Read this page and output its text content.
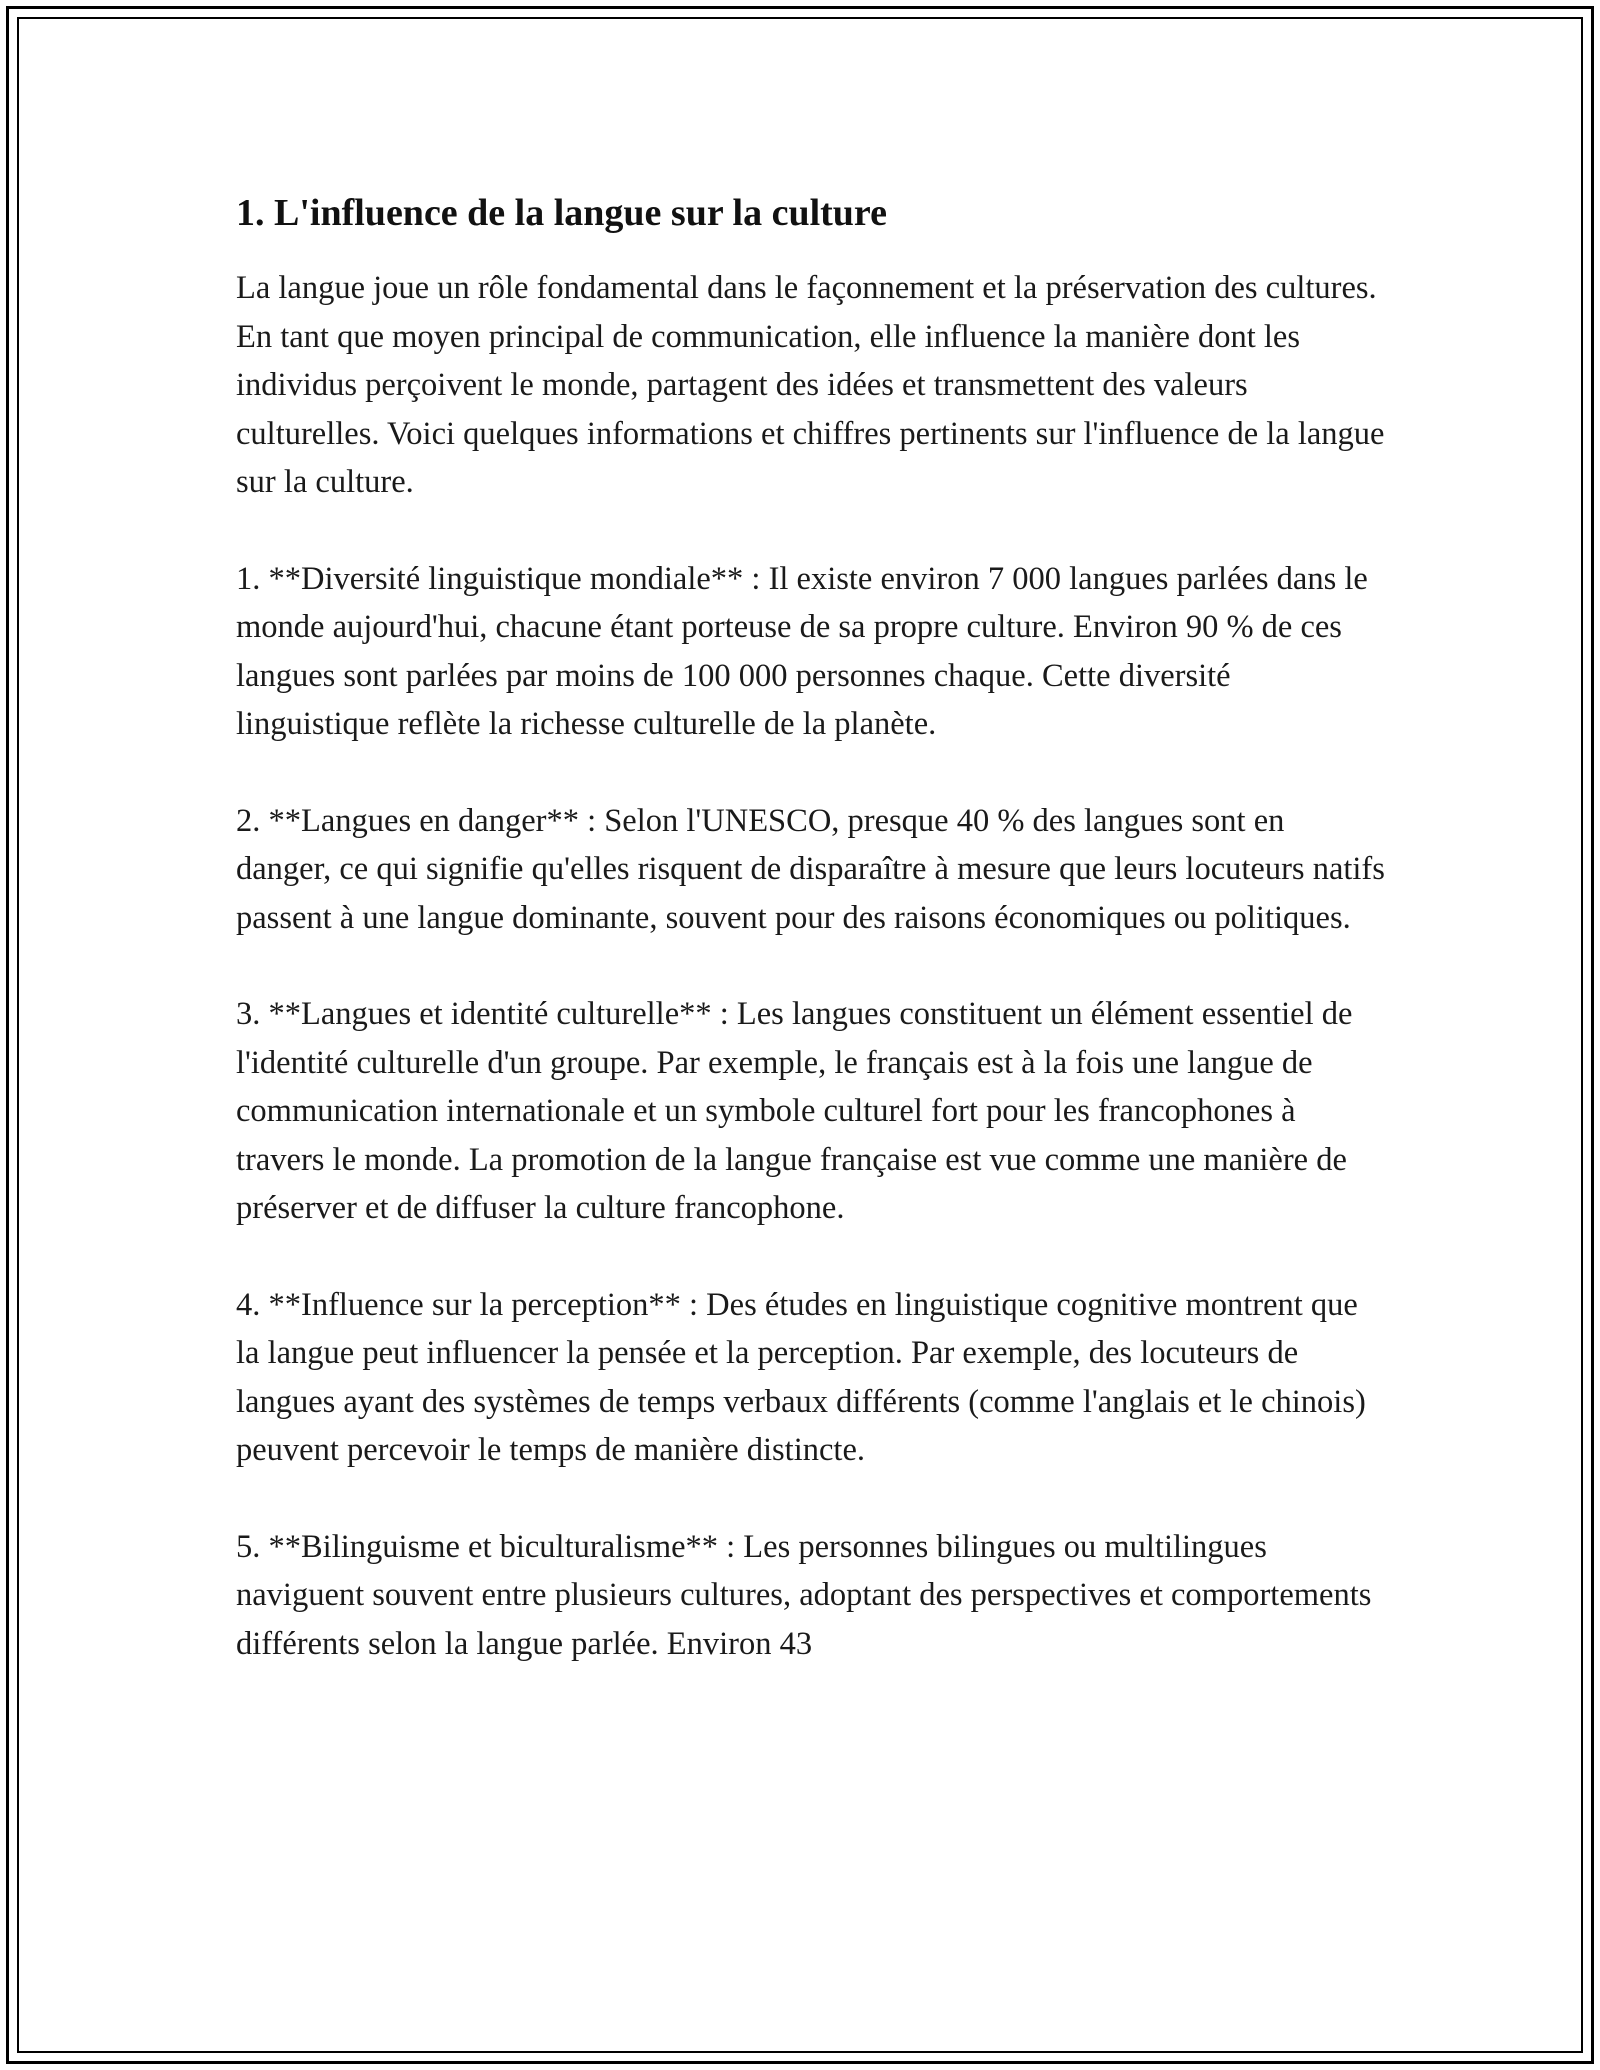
1. L'influence de la langue sur la culture

La langue joue un rôle fondamental dans le façonnement et la préservation des cultures. En tant que moyen principal de communication, elle influence la manière dont les individus perçoivent le monde, partagent des idées et transmettent des valeurs culturelles. Voici quelques informations et chiffres pertinents sur l'influence de la langue sur la culture.

1. **Diversité linguistique mondiale** : Il existe environ 7 000 langues parlées dans le monde aujourd'hui, chacune étant porteuse de sa propre culture. Environ 90 % de ces langues sont parlées par moins de 100 000 personnes chaque. Cette diversité linguistique reflète la richesse culturelle de la planète.

2. **Langues en danger** : Selon l'UNESCO, presque 40 % des langues sont en danger, ce qui signifie qu'elles risquent de disparaître à mesure que leurs locuteurs natifs passent à une langue dominante, souvent pour des raisons économiques ou politiques.

3. **Langues et identité culturelle** : Les langues constituent un élément essentiel de l'identité culturelle d'un groupe. Par exemple, le français est à la fois une langue de communication internationale et un symbole culturel fort pour les francophones à travers le monde. La promotion de la langue française est vue comme une manière de préserver et de diffuser la culture francophone.

4. **Influence sur la perception** : Des études en linguistique cognitive montrent que la langue peut influencer la pensée et la perception. Par exemple, des locuteurs de langues ayant des systèmes de temps verbaux différents (comme l'anglais et le chinois) peuvent percevoir le temps de manière distincte.

5. **Bilinguisme et biculturalisme** : Les personnes bilingues ou multilingues naviguent souvent entre plusieurs cultures, adoptant des perspectives et comportements différents selon la langue parlée. Environ 43
